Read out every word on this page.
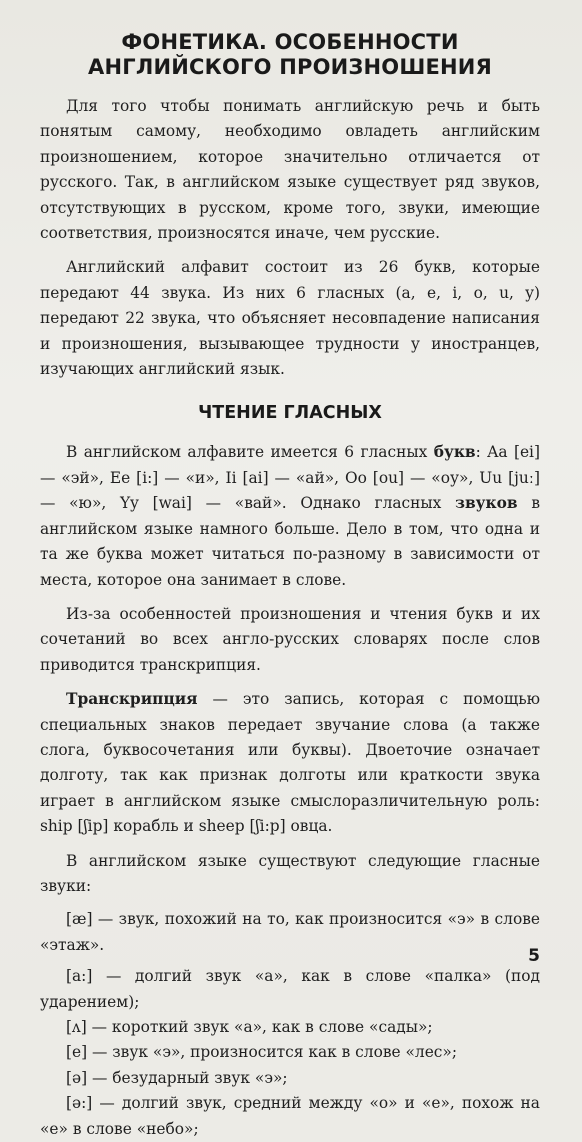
ФОНЕТИКА. ОСОБЕННОСТИ АНГЛИЙСКОГО ПРОИЗНОШЕНИЯ

Для того чтобы понимать английскую речь и быть понятым самому, необходимо овладеть английским произношением, которое значительно отличается от русского. Так, в английском языке существует ряд звуков, отсутствующих в русском, кроме того, звуки, имеющие соответствия, произносятся иначе, чем русские.

Английский алфавит состоит из 26 букв, которые передают 44 звука. Из них 6 гласных (a, e, i, o, u, y) передают 22 звука, что объясняет несовпадение написания и произношения, вызывающее трудности у иностранцев, изучающих английский язык.

ЧТЕНИЕ ГЛАСНЫХ

В английском алфавите имеется 6 гласных букв: Aa [ei]— «эй», Ee [i:] — «и», Ii [ai] — «ай», Oo [ou] — «оу», Uu [juː] — «ю», Yy [wai] — «вай». Однако гласных звуков в английском языке намного больше. Дело в том, что одна и та же буква может читаться по-разному в зависимости от места, которое она занимает в слове.

Из-за особенностей произношения и чтения букв и их сочетаний во всех англо-русских словарях после слов приводится транскрипция.

Транскрипция — это запись, которая с помощью специальных знаков передает звучание слова (а также слога, буквосочетания или буквы). Двоеточие означает долготу, так как признак долготы или краткости звука играет в английском языке смыслоразличительную роль: ship [ʃip] корабль и sheep [ʃi:p] овца.

В английском языке существуют следующие гласные звуки:

[æ] — звук, похожий на то, как произносится «э» в слове «этаж».
[a:] — долгий звук «а», как в слове «палка» (под ударением);
[ʌ] — короткий звук «а», как в слове «сады»;
[e] — звук «э», произносится как в слове «лес»;
[ə] — безударный звук «э»;
[ə:] — долгий звук, средний между «о» и «е», похож на «е» в слове «небо»;
5
